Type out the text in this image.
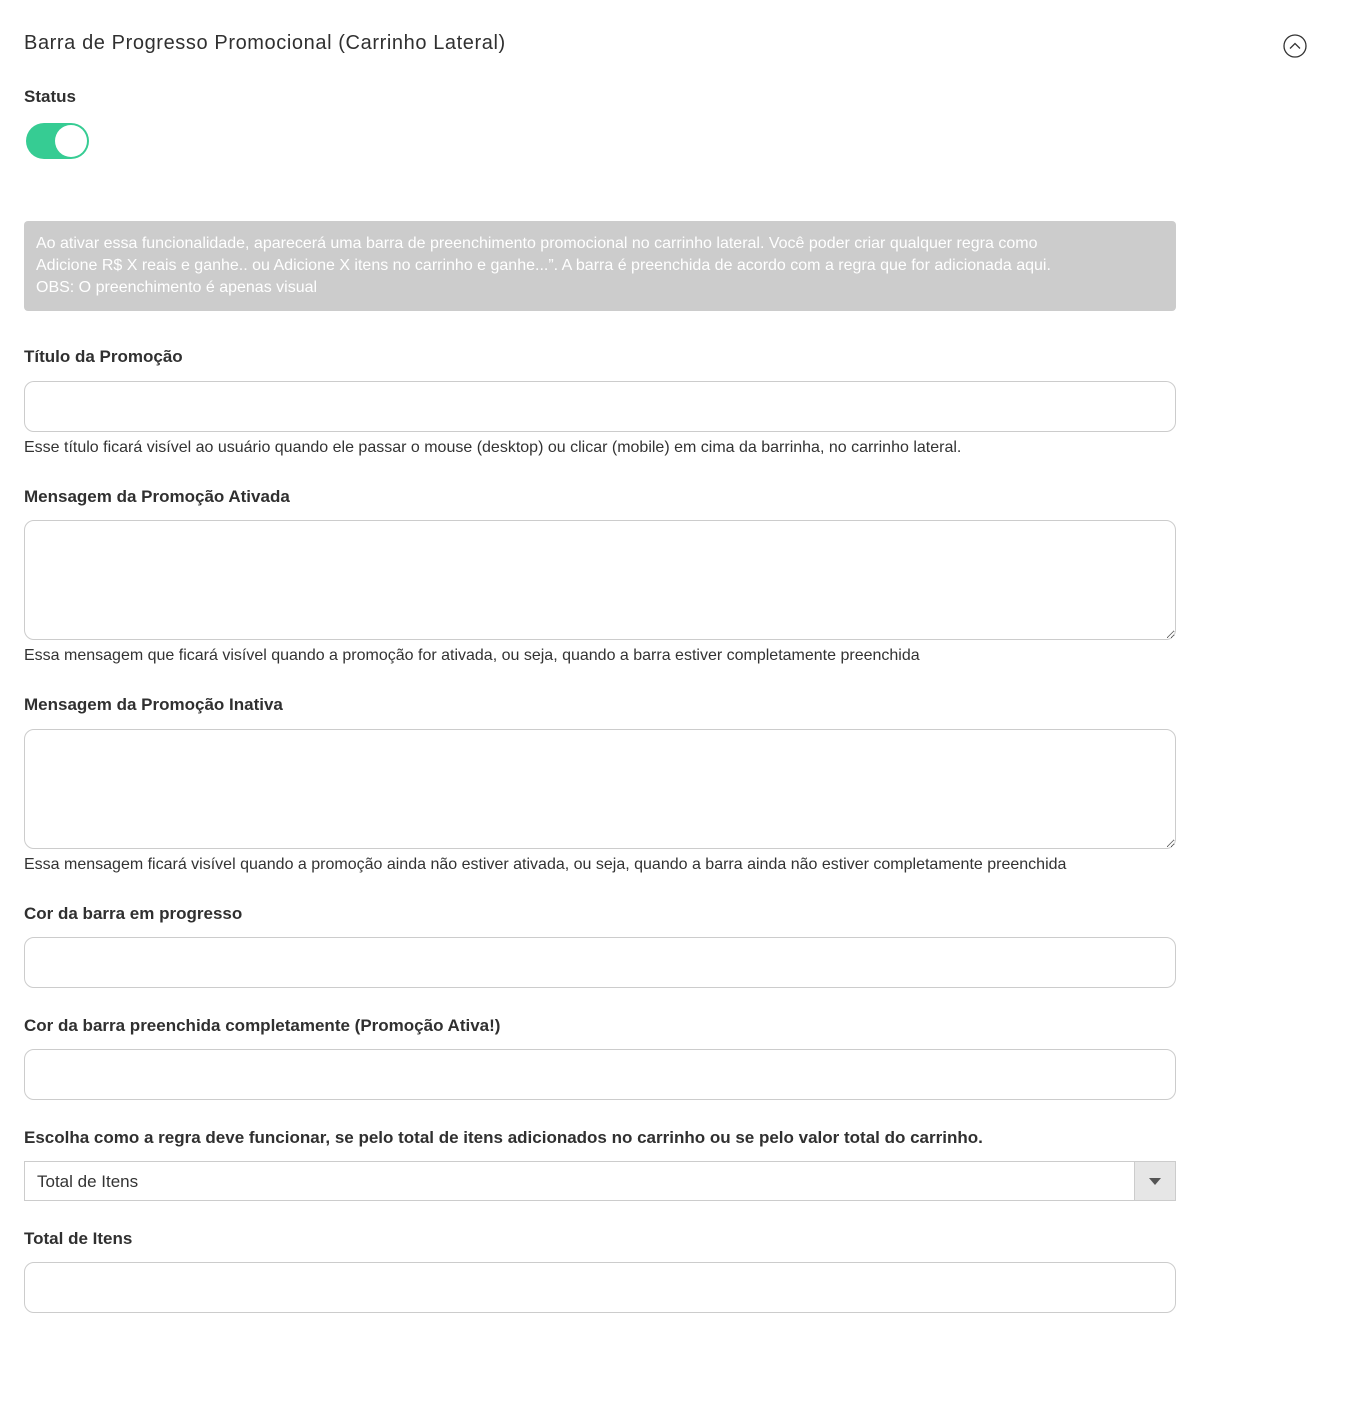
Barra de Progresso Promocional (Carrinho Lateral)
Status
Ao ativar essa funcionalidade, aparecerá uma barra de preenchimento promocional no carrinho lateral. Você poder criar qualquer regra como
Adicione R$ X reais e ganhe.. ou Adicione X itens no carrinho e ganhe...”. A barra é preenchida de acordo com a regra que for adicionada aqui.
OBS: O preenchimento é apenas visual
Título da Promoção
Esse título ficará visível ao usuário quando ele passar o mouse (desktop) ou clicar (mobile) em cima da barrinha, no carrinho lateral.
Mensagem da Promoção Ativada
Essa mensagem que ficará visível quando a promoção for ativada, ou seja, quando a barra estiver completamente preenchida
Mensagem da Promoção Inativa
Essa mensagem ficará visível quando a promoção ainda não estiver ativada, ou seja, quando a barra ainda não estiver completamente preenchida
Cor da barra em progresso
Cor da barra preenchida completamente (Promoção Ativa!)
Escolha como a regra deve funcionar, se pelo total de itens adicionados no carrinho ou se pelo valor total do carrinho.
Total de Itens
Total de Itens
